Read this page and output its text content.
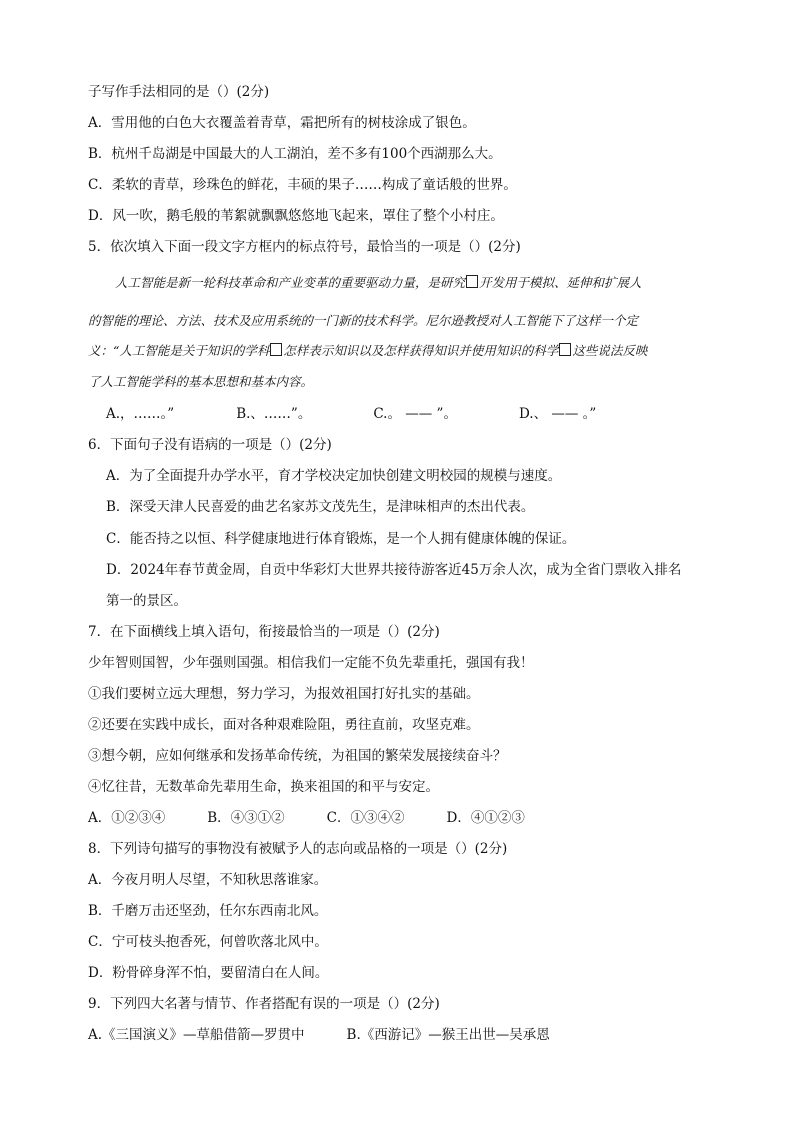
子写作手法相同的是（）(2分)
A．雪用他的白色大衣覆盖着青草，霜把所有的树枝涂成了银色。
B．杭州千岛湖是中国最大的人工湖泊，差不多有100个西湖那么大。
C．柔软的青草，珍珠色的鲜花，丰硕的果子……构成了童话般的世界。
D．风一吹，鹅毛般的苇絮就飘飘悠悠地飞起来，罩住了整个小村庄。
5．依次填入下面一段文字方框内的标点符号，最恰当的一项是（）(2分)
人工智能是新一轮科技革命和产业变革的重要驱动力量，是研究 开发用于模拟、延伸和扩展人
的智能的理论、方法、技术及应用系统的一门新的技术科学。尼尔逊教授对人工智能下了这样一个定
义：“人工智能是关于知识的学科 怎样表示知识以及怎样获得知识并使用知识的科学 这些说法反映
了人工智能学科的基本思想和基本内容。
A.，……。”	B.、……”。	C.。 —— ”。	D.、 —— 。”
6．下面句子没有语病的一项是（）(2分)
A．为了全面提升办学水平，育才学校决定加快创建文明校园的规模与速度。
B．深受天津人民喜爱的曲艺名家苏文茂先生，是津味相声的杰出代表。
C．能否持之以恒、科学健康地进行体育锻炼，是一个人拥有健康体魄的保证。
D．2024年春节黄金周，自贡中华彩灯大世界共接待游客近45万余人次，成为全省门票收入排名
第一的景区。
7．在下面横线上填入语句，衔接最恰当的一项是（）(2分)
少年智则国智，少年强则国强。相信我们一定能不负先辈重托，强国有我！
①我们要树立远大理想，努力学习，为报效祖国打好扎实的基础。
②还要在实践中成长，面对各种艰难险阻，勇往直前，攻坚克难。
③想今朝，应如何继承和发扬革命传统，为祖国的繁荣发展接续奋斗？
④忆往昔，无数革命先辈用生命，换来祖国的和平与安定。
A．①②③④	B．④③①②	C．①③④②	D．④①②③
8．下列诗句描写的事物没有被赋予人的志向或品格的一项是（）(2分)
A．今夜月明人尽望，不知秋思落谁家。
B．千磨万击还坚劲，任尔东西南北风。
C．宁可枝头抱香死，何曾吹落北风中。
D．粉骨碎身浑不怕，要留清白在人间。
9．下列四大名著与情节、作者搭配有误的一项是（）(2分)
A.《三国演义》—草船借箭—罗贯中	B.《西游记》—猴王出世—吴承恩
